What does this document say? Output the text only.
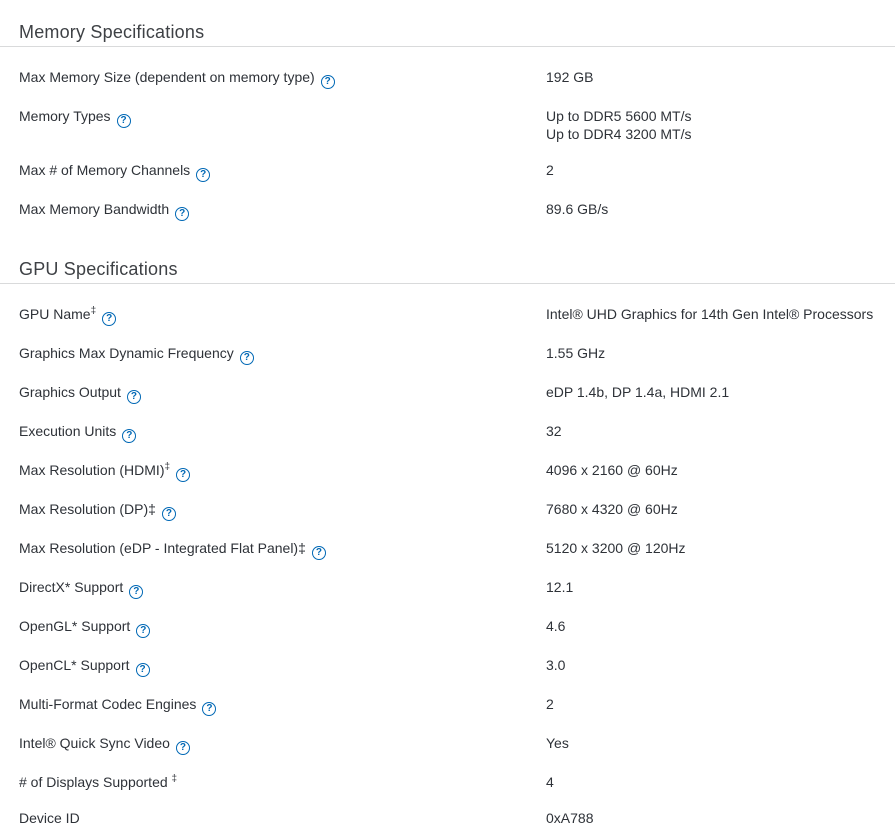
Memory Specifications
Max Memory Size (dependent on memory type) ?	192 GB
Memory Types ?	Up to DDR5 5600 MT/s
Up to DDR4 3200 MT/s
Max # of Memory Channels ?	2
Max Memory Bandwidth ?	89.6 GB/s
GPU Specifications
GPU Name‡?	Intel® UHD Graphics for 14th Gen Intel® Processors
Graphics Max Dynamic Frequency ?	1.55 GHz
Graphics Output ?	eDP 1.4b, DP 1.4a, HDMI 2.1
Execution Units ?	32
Max Resolution (HDMI)‡?	4096 x 2160 @ 60Hz
Max Resolution (DP)‡ ?	7680 x 4320 @ 60Hz
Max Resolution (eDP - Integrated Flat Panel)‡ ?	5120 x 3200 @ 120Hz
DirectX* Support ?	12.1
OpenGL* Support ?	4.6
OpenCL* Support ?	3.0
Multi-Format Codec Engines ?	2
Intel® Quick Sync Video ?	Yes
# of Displays Supported ‡	4
Device ID	0xA788
